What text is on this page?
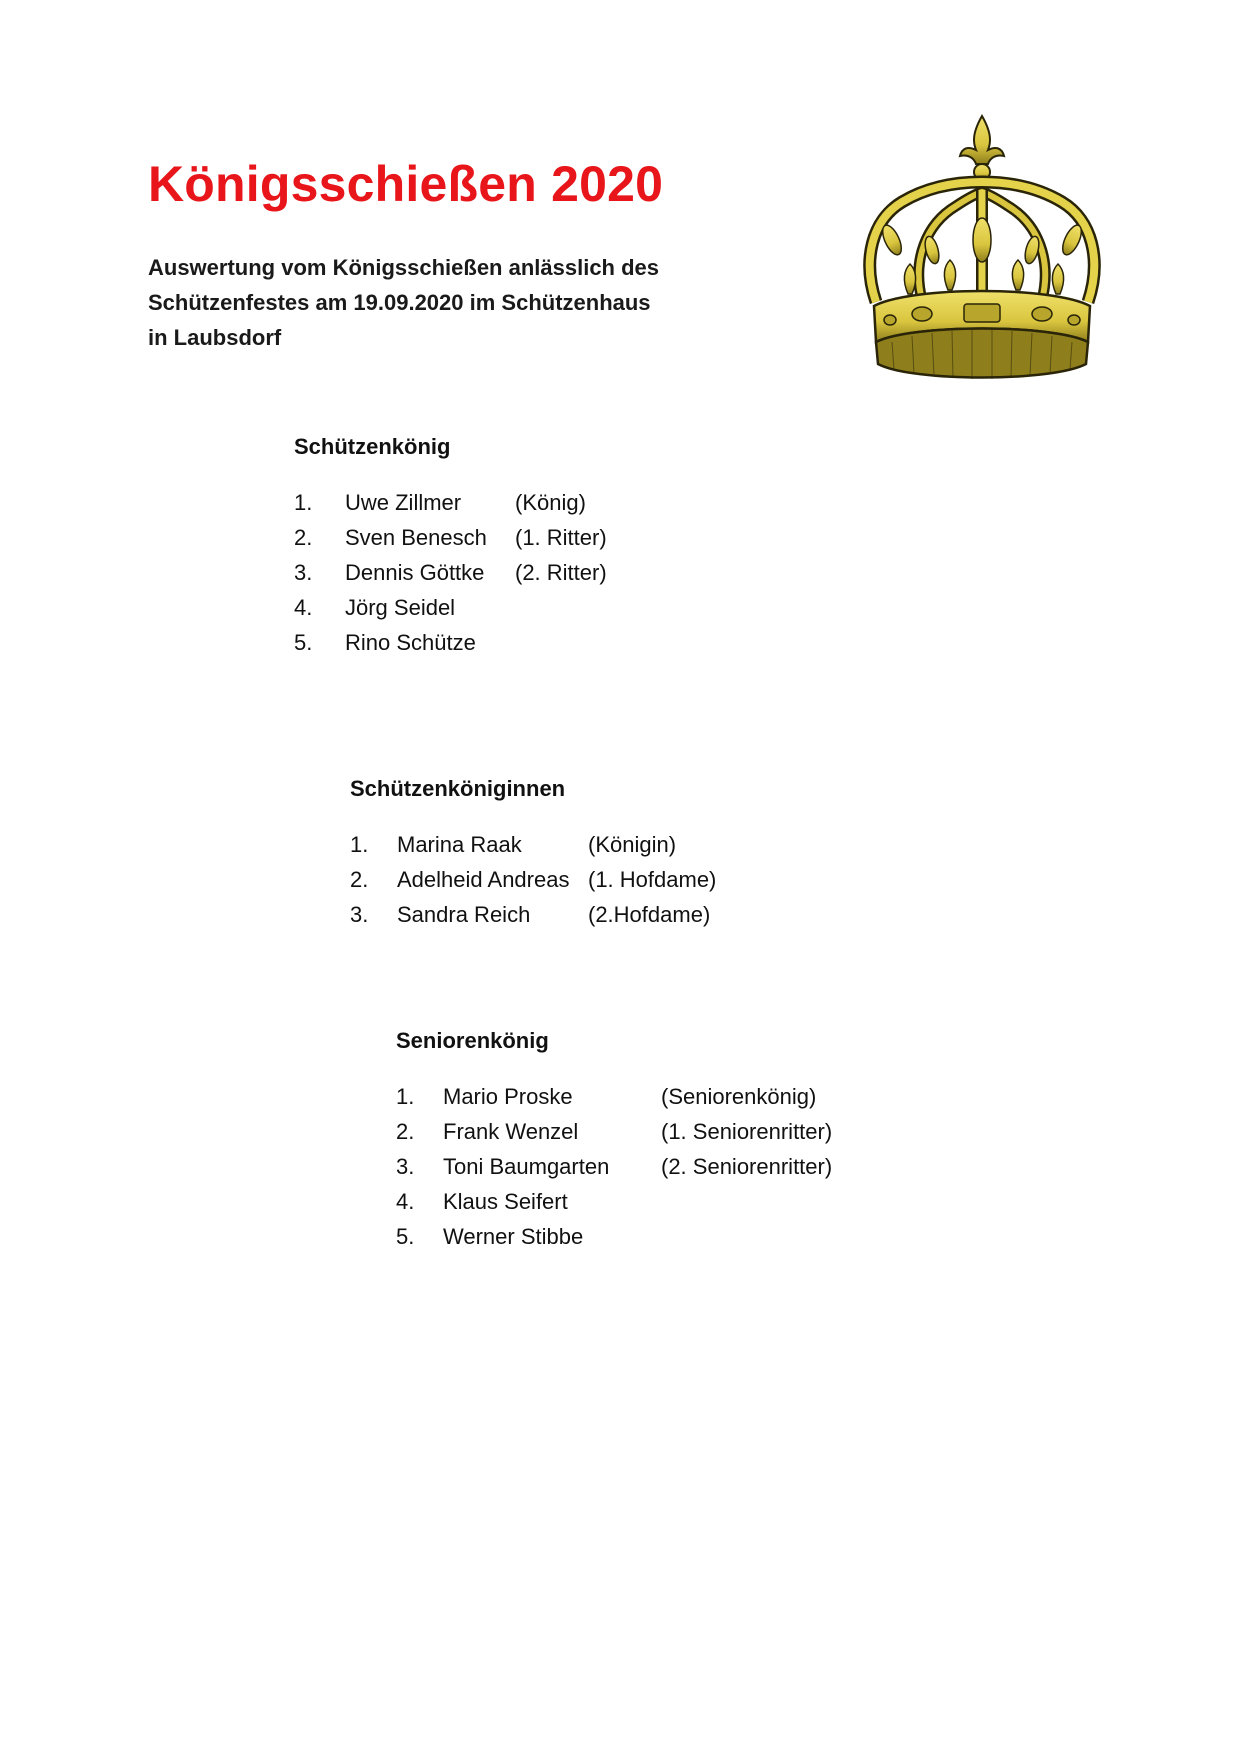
Königsschießen 2020
Auswertung vom Königsschießen anlässlich des
Schützenfestes am 19.09.2020 im Schützenhaus
in Laubsdorf
Schützenkönig
1. Uwe Zillmer (König)
2. Sven Benesch (1. Ritter)
3. Dennis Göttke (2. Ritter)
4. Jörg Seidel
5. Rino Schütze
Schützenköniginnen
1. Marina Raak	(Königin)
2. Adelheid Andreas (1. Hofdame)
3. Sandra Reich	(2.Hofdame)
Seniorenkönig
1. Mario Proske	(Seniorenkönig)
2. Frank Wenzel	(1. Seniorenritter)
3. Toni Baumgarten (2. Seniorenritter)
4. Klaus Seifert
5. Werner Stibbe
